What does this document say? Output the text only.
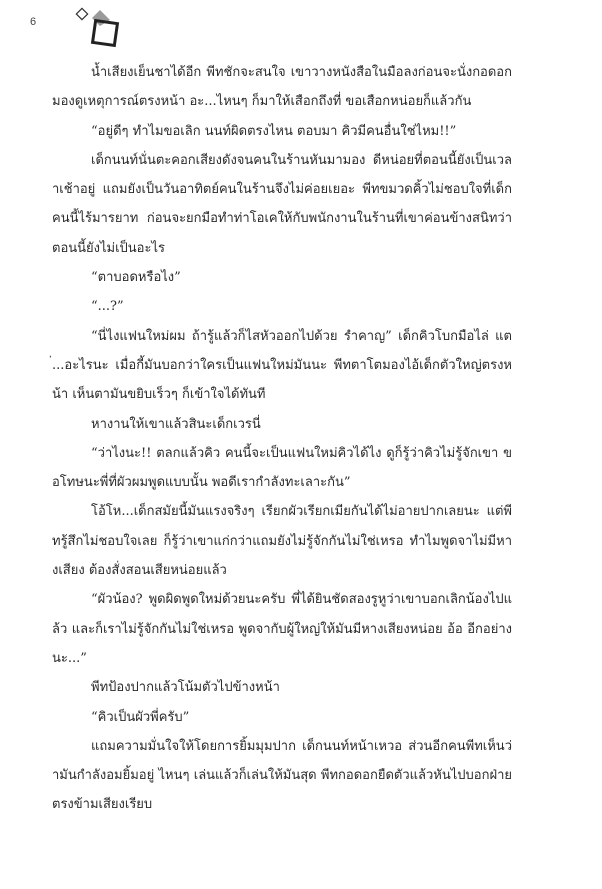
6

น้ำเสียงเย็นชาได้อีก พีทชักจะสนใจ เขาวางหนังสือในมือลงก่อนจะนั่งกอดอกมองดูเหตุการณ์ตรงหน้า อะ...ไหนๆ ก็มาให้เสือกถึงที่ ขอเสือกหน่อยก็แล้วกัน

“อยู่ดีๆ ทำไมขอเลิก นนท์ผิดตรงไหน ตอบมา คิวมีคนอื่นใช่ไหม!!”

เด็กนนท์นั่นตะคอกเสียงดังจนคนในร้านหันมามอง ดีหน่อยที่ตอนนี้ยังเป็นเวลาเช้าอยู่ แถมยังเป็นวันอาทิตย์คนในร้านจึงไม่ค่อยเยอะ พีทขมวดคิ้วไม่ชอบใจที่เด็กคนนี้ไร้มารยาท ก่อนจะยกมือทำท่าโอเคให้กับพนักงานในร้านที่เขาค่อนข้างสนิทว่าตอนนี้ยังไม่เป็นอะไร

“ตาบอดหรือไง”

“...?”

“นี่ไงแฟนใหม่ผม ถ้ารู้แล้วก็ไสหัวออกไปด้วย รำคาญ” เด็กคิวโบกมือไล่ แต่...อะไรนะ เมื่อกี้มันบอกว่าใครเป็นแฟนใหม่มันนะ พีทตาโตมองไอ้เด็กตัวใหญ่ตรงหน้า เห็นตามันขยิบเร็วๆ ก็เข้าใจได้ทันที

หางานให้เขาแล้วสินะเด็กเวรนี่

“ว่าไงนะ!! ตลกแล้วคิว คนนี้จะเป็นแฟนใหม่คิวได้ไง ดูก็รู้ว่าคิวไม่รู้จักเขา ขอโทษนะพี่ที่ผัวผมพูดแบบนั้น พอดีเรากำลังทะเลาะกัน”

โอ้โห...เด็กสมัยนี้มันแรงจริงๆ เรียกผัวเรียกเมียกันได้ไม่อายปากเลยนะ แต่พีทรู้สึกไม่ชอบใจเลย ก็รู้ว่าเขาแก่กว่าแถมยังไม่รู้จักกันไม่ใช่เหรอ ทำไมพูดจาไม่มีหางเสียง ต้องสั่งสอนเสียหน่อยแล้ว

“ผัวน้อง? พูดผิดพูดใหม่ด้วยนะครับ พี่ได้ยินชัดสองรูหูว่าเขาบอกเลิกน้องไปแล้ว และก็เราไม่รู้จักกันไม่ใช่เหรอ พูดจากับผู้ใหญ่ให้มันมีหางเสียงหน่อย อ้อ อีกอย่างนะ...”

พีทป้องปากแล้วโน้มตัวไปข้างหน้า

“คิวเป็นผัวพี่ครับ”

แถมความมั่นใจให้โดยการยิ้มมุมปาก เด็กนนท์หน้าเหวอ ส่วนอีกคนพีทเห็นว่ามันกำลังอมยิ้มอยู่ ไหนๆ เล่นแล้วก็เล่นให้มันสุด พีทกอดอกยืดตัวแล้วหันไปบอกฝ่ายตรงข้ามเสียงเรียบ
